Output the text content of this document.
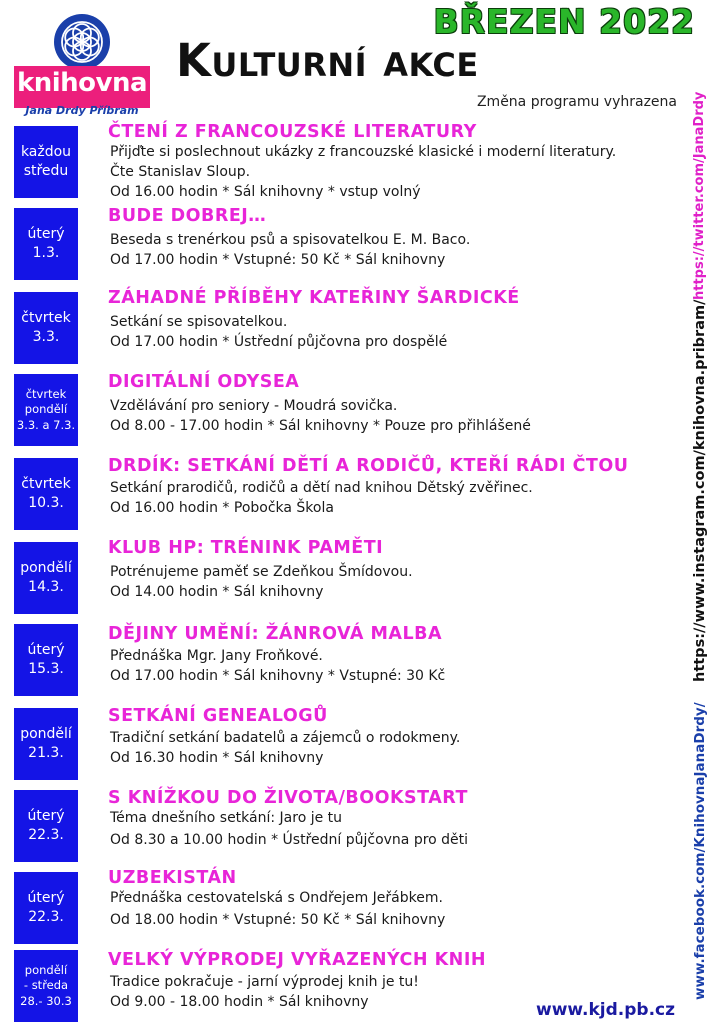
knihovna
Jana Drdy Příbram
BŘEZEN 2022
Kulturní akce
Změna programu vyhrazena https://twitter.com/JanaDrdy
https://www.instagram.com/knihovna.pribram/
www.facebook.com/KnihovnaJanaDrdy/
každou
středu
ČTENÍ Z FRANCOUZSKÉ LITERATURY
Přijďte si poslechnout ukázky z francouzské klasické i moderní literatury.
Čte Stanislav Sloup.
Od 16.00 hodin * Sál knihovny * vstup volný
úterý
1.3.
BUDE DOBREJ…
Beseda s trenérkou psů a spisovatelkou E. M. Baco.
Od 17.00 hodin * Vstupné: 50 Kč * Sál knihovny
čtvrtek
3.3.
ZÁHADNÉ PŘÍBĚHY KATEŘINY ŠARDICKÉ
Setkání se spisovatelkou.
Od 17.00 hodin * Ústřední půjčovna pro dospělé
čtvrtek
pondělí
3.3. a 7.3.
DIGITÁLNÍ ODYSEA
Vzdělávání pro seniory - Moudrá sovička.
Od 8.00 - 17.00 hodin * Sál knihovny * Pouze pro přihlášené
čtvrtek
10.3.
DRDÍK: SETKÁNÍ DĚTÍ A RODIČŮ, KTEŘÍ RÁDI ČTOU
Setkání prarodičů, rodičů a dětí nad knihou Dětský zvěřinec.
Od 16.00 hodin * Pobočka Škola
pondělí
14.3.
KLUB HP: TRÉNINK PAMĚTI
Potrénujeme paměť se Zdeňkou Šmídovou.
Od 14.00 hodin * Sál knihovny
úterý
15.3.
DĚJINY UMĚNÍ: ŽÁNROVÁ MALBA
Přednáška Mgr. Jany Froňkové.
Od 17.00 hodin * Sál knihovny * Vstupné: 30 Kč
pondělí
21.3.
SETKÁNÍ GENEALOGŮ
Tradiční setkání badatelů a zájemců o rodokmeny.
Od 16.30 hodin * Sál knihovny
úterý
22.3.
S KNÍŽKOU DO ŽIVOTA/BOOKSTART
Téma dnešního setkání: Jaro je tu
Od 8.30 a 10.00 hodin * Ústřední půjčovna pro děti
úterý
22.3.
UZBEKISTÁN
Přednáška cestovatelská s Ondřejem Jeřábkem.
Od 18.00 hodin * Vstupné: 50 Kč * Sál knihovny
pondělí
- středa
28.- 30.3
VELKÝ VÝPRODEJ VYŘAZENÝCH KNIH
Tradice pokračuje - jarní výprodej knih je tu!
Od 9.00 - 18.00 hodin * Sál knihovny	www.kjd.pb.cz
